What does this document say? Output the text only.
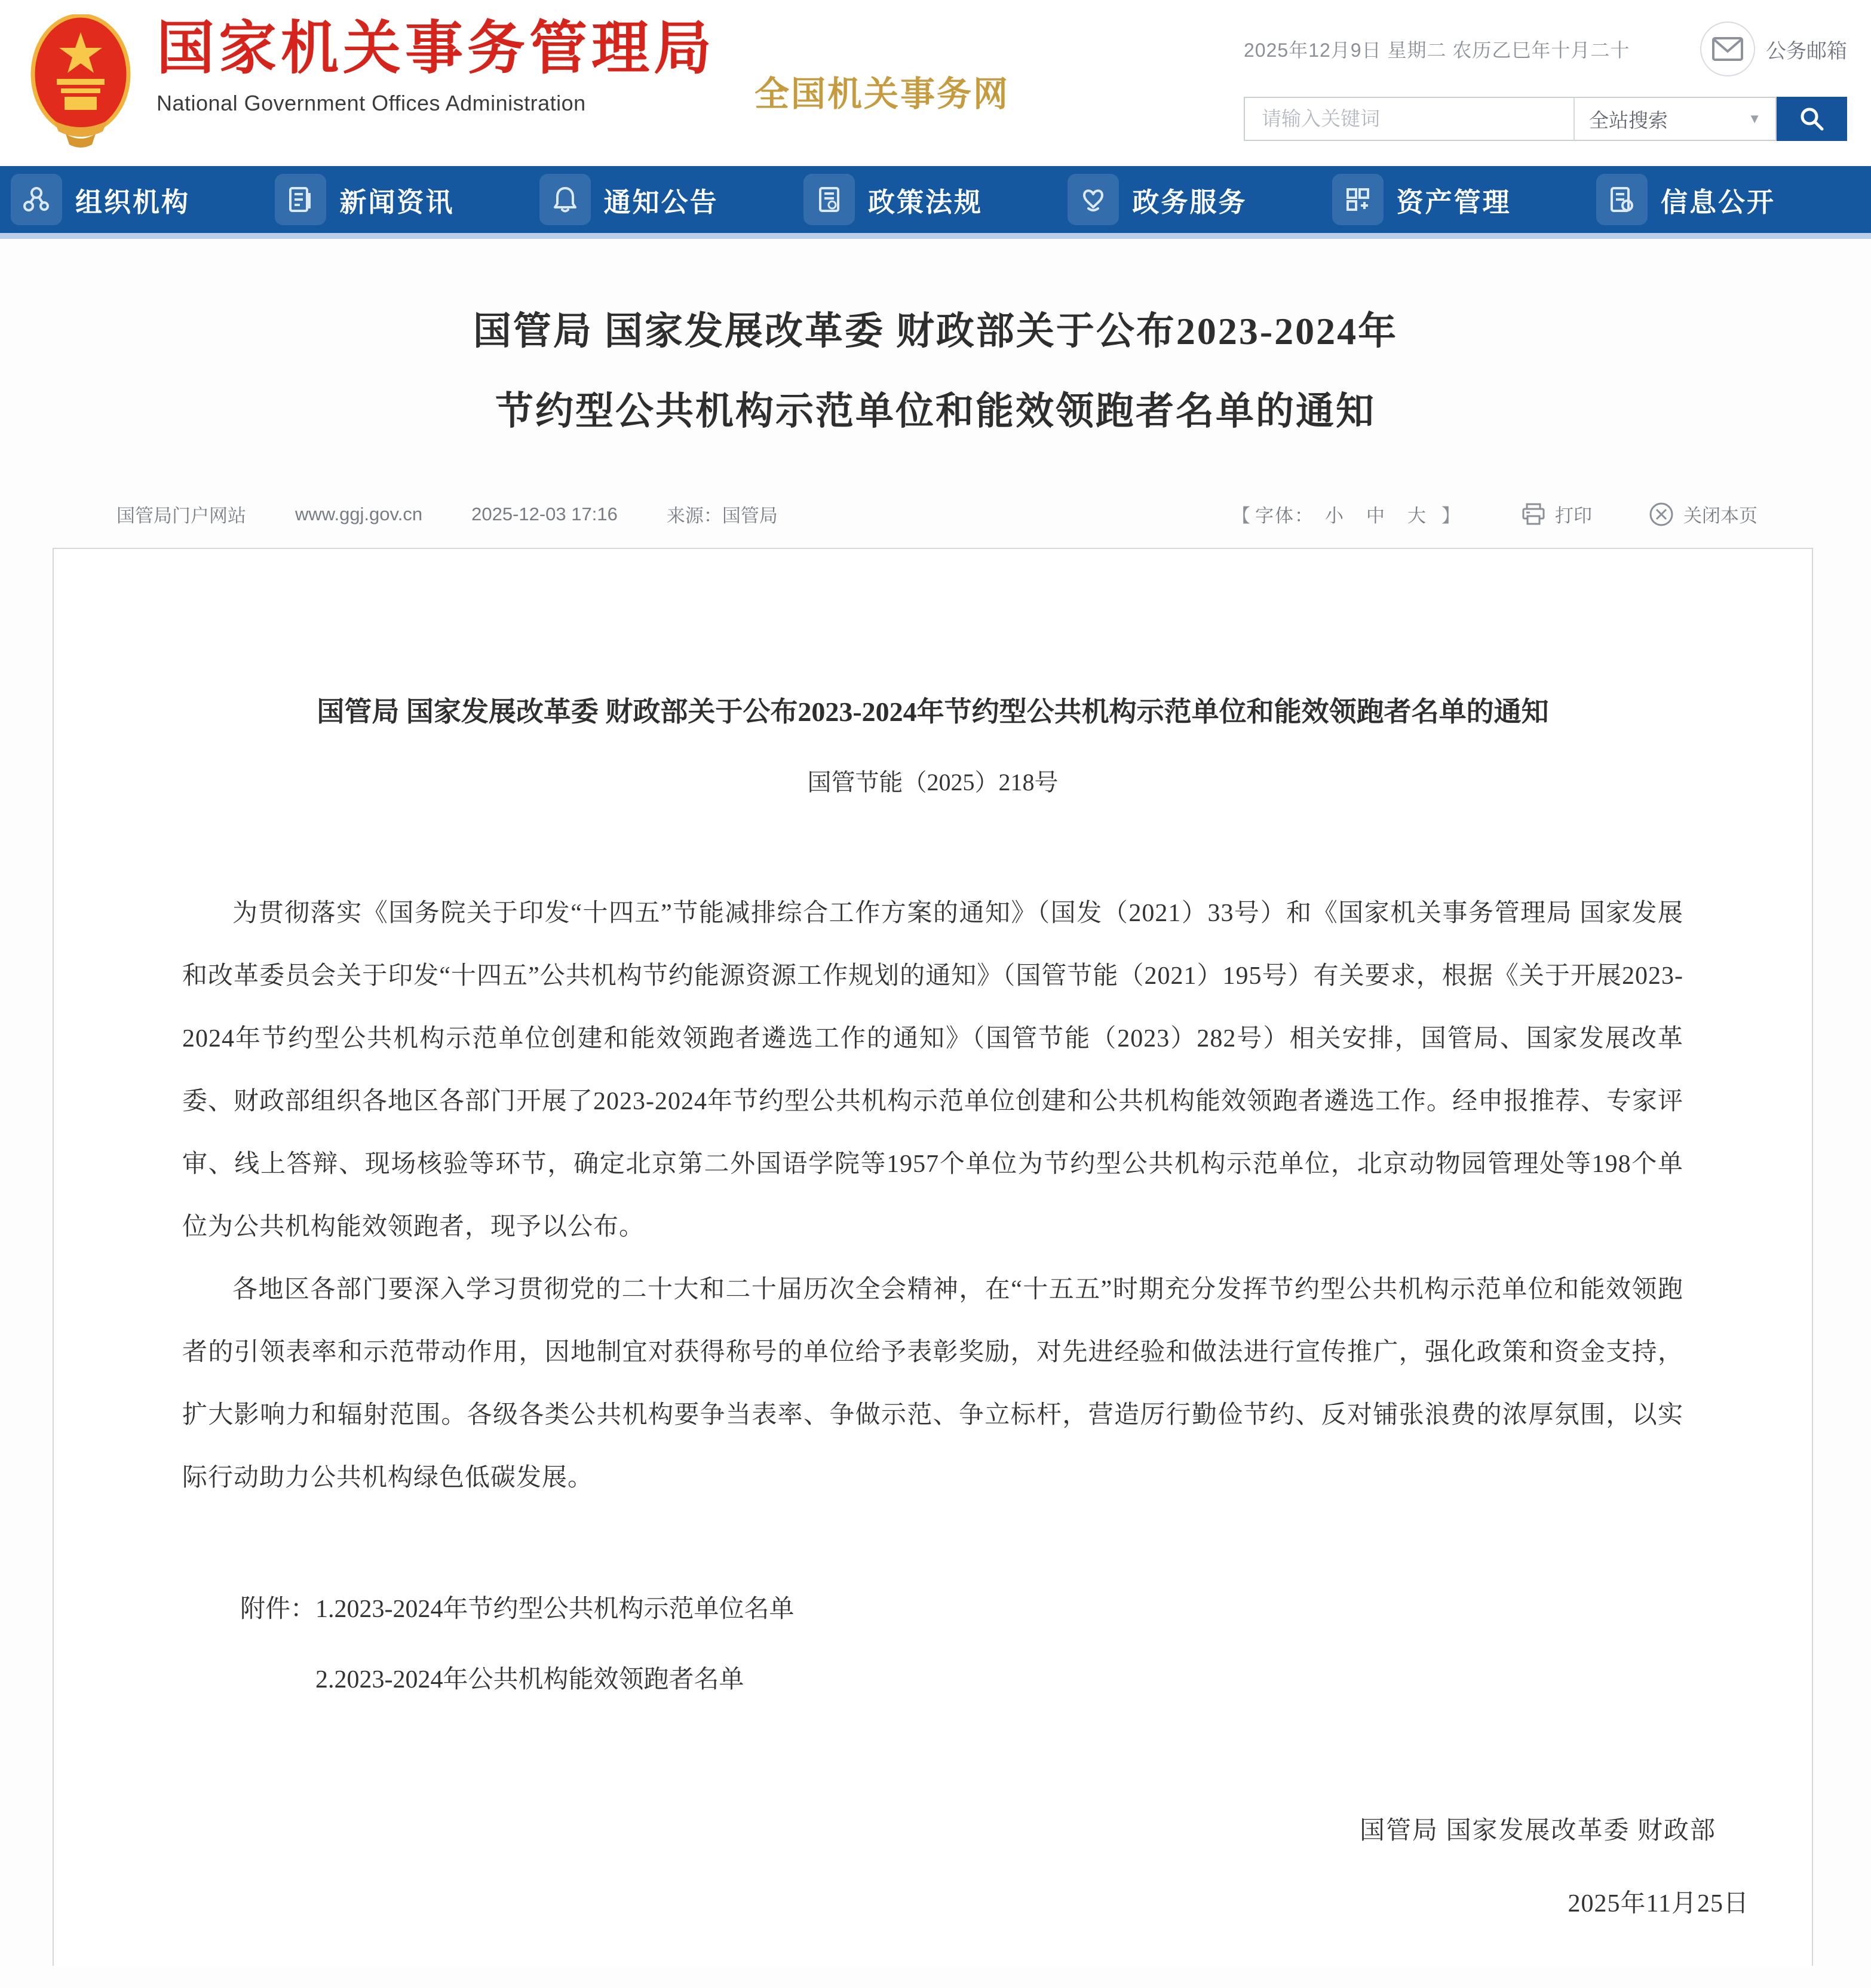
国家机关事务管理局
National Government Offices Administration	全国机关事务网
2025年12月9日 星期二 农历乙巳年十月二十	公务邮箱
请输入关键词
全站搜索	▼
组织机构	新闻资讯	通知公告	政策法规	政务服务	资产管理	信息公开
国管局 国家发展改革委 财政部关于公布2023-2024年
节约型公共机构示范单位和能效领跑者名单的通知
国管局门户网站	www.ggj.gov.cn	2025-12-03 17:16	来源：国管局	【 字体： 小 中 大 】	打印	关闭本页
国管局 国家发展改革委 财政部关于公布2023-2024年节约型公共机构示范单位和能效领跑者名单的通知
国管节能（2025）218号

为贯彻落实《国务院关于印发“十四五”节能减排综合工作方案的通知》（国发（2021）33号）和《国家机关事务管理局 国家发展和改革委员会关于印发“十四五”公共机构节约能源资源工作规划的通知》（国管节能（2021）195号）有关要求，根据《关于开展2023-2024年节约型公共机构示范单位创建和能效领跑者遴选工作的通知》（国管节能（2023）282号）相关安排，国管局、国家发展改革委、财政部组织各地区各部门开展了2023-2024年节约型公共机构示范单位创建和公共机构能效领跑者遴选工作。经申报推荐、专家评审、线上答辩、现场核验等环节，确定北京第二外国语学院等1957个单位为节约型公共机构示范单位，北京动物园管理处等198个单位为公共机构能效领跑者，现予以公布。

各地区各部门要深入学习贯彻党的二十大和二十届历次全会精神，在“十五五”时期充分发挥节约型公共机构示范单位和能效领跑者的引领表率和示范带动作用，因地制宜对获得称号的单位给予表彰奖励，对先进经验和做法进行宣传推广，强化政策和资金支持，扩大影响力和辐射范围。各级各类公共机构要争当表率、争做示范、争立标杆，营造厉行勤俭节约、反对铺张浪费的浓厚氛围，以实际行动助力公共机构绿色低碳发展。

附件： 1.2023-2024年节约型公共机构示范单位名单
2.2023-2024年公共机构能效领跑者名单
国管局 国家发展改革委 财政部
2025年11月25日
